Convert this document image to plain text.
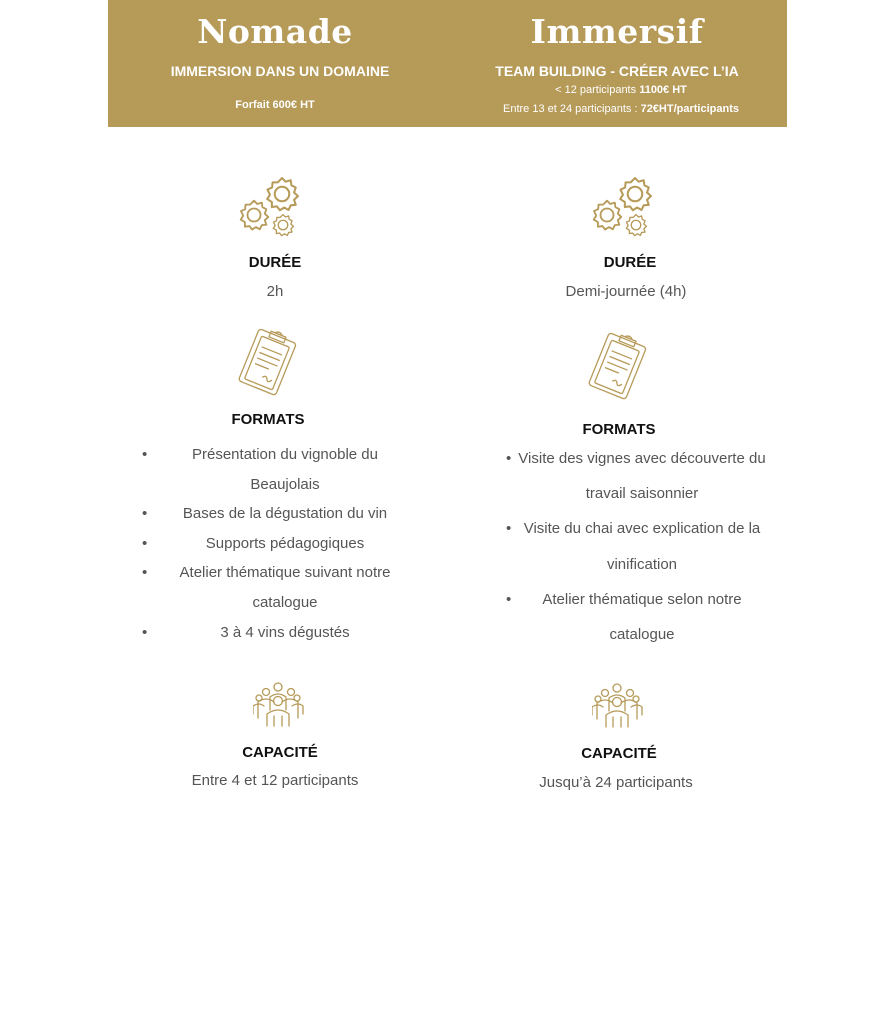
Nomade
IMMERSION DANS UN DOMAINE
Forfait 600€ HT
Immersif
TEAM BUILDING - CRÉER AVEC L’IA
< 12 participants 1100€ HT
Entre 13 et 24 participants : 72€HT/participants
DURÉE
2h
DURÉE
Demi-journée (4h)
FORMATS
• Présentation du vignoble du Beaujolais
• Bases de la dégustation du vin
• Supports pédagogiques
• Atelier thématique suivant notre catalogue
• 3 à 4 vins dégustés
FORMATS
• Visite des vignes avec découverte du travail saisonnier
• Visite du chai avec explication de la vinification
• Atelier thématique selon notre catalogue
CAPACITÉ
Entre 4 et 12 participants
CAPACITÉ
Jusqu’à 24 participants
